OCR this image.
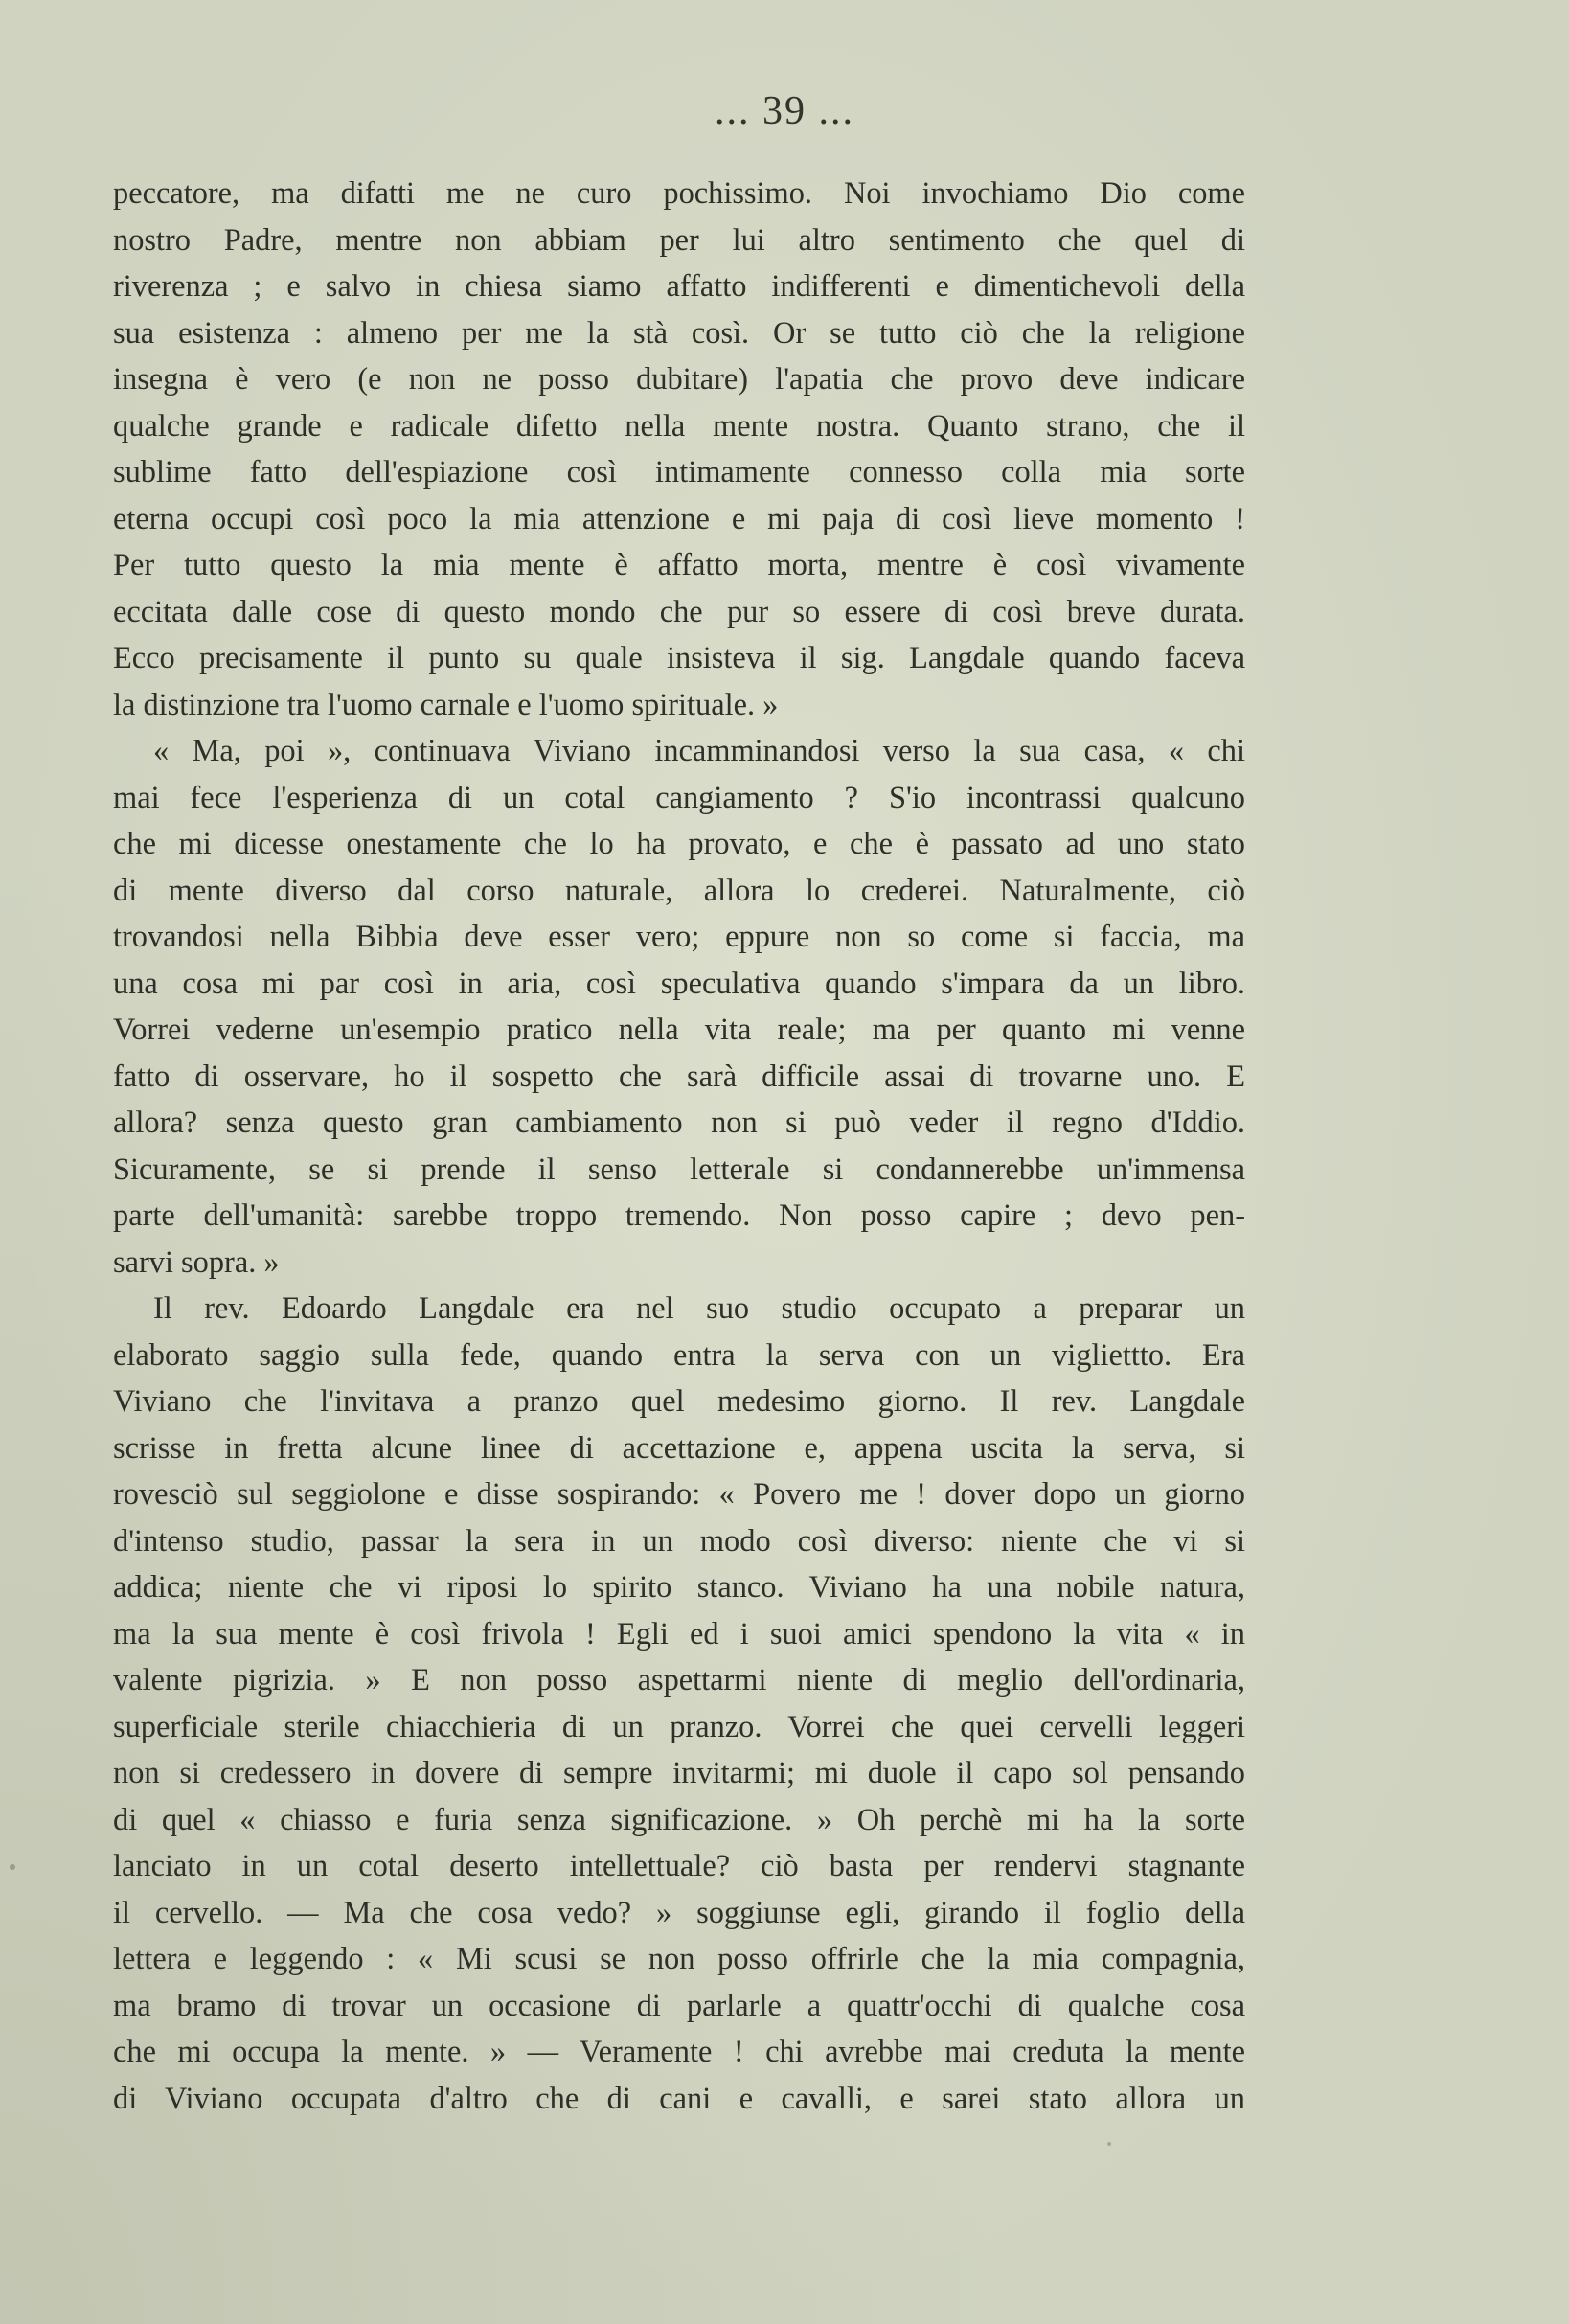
... 39 ...
peccatore, ma difatti me ne curo pochissimo. Noi invochiamo Dio come
nostro Padre, mentre non abbiam per lui altro sentimento che quel di
riverenza ; e salvo in chiesa siamo affatto indifferenti e dimentichevoli della
sua esistenza : almeno per me la stà così. Or se tutto ciò che la religione
insegna è vero (e non ne posso dubitare) l'apatia che provo deve indicare
qualche grande e radicale difetto nella mente nostra. Quanto strano, che il
sublime fatto dell'espiazione così intimamente connesso colla mia sorte
eterna occupi così poco la mia attenzione e mi paja di così lieve momento !
Per tutto questo la mia mente è affatto morta, mentre è così vivamente
eccitata dalle cose di questo mondo che pur so essere di così breve durata.
Ecco precisamente il punto su quale insisteva il sig. Langdale quando faceva
la distinzione tra l'uomo carnale e l'uomo spirituale. »
« Ma, poi », continuava Viviano incamminandosi verso la sua casa, « chi
mai fece l'esperienza di un cotal cangiamento ? S'io incontrassi qualcuno
che mi dicesse onestamente che lo ha provato, e che è passato ad uno stato
di mente diverso dal corso naturale, allora lo crederei. Naturalmente, ciò
trovandosi nella Bibbia deve esser vero; eppure non so come si faccia, ma
una cosa mi par così in aria, così speculativa quando s'impara da un libro.
Vorrei vederne un'esempio pratico nella vita reale; ma per quanto mi venne
fatto di osservare, ho il sospetto che sarà difficile assai di trovarne uno. E
allora? senza questo gran cambiamento non si può veder il regno d'Iddio.
Sicuramente, se si prende il senso letterale si condannerebbe un'immensa
parte dell'umanità: sarebbe troppo tremendo. Non posso capire ; devo pen-
sarvi sopra. »
Il rev. Edoardo Langdale era nel suo studio occupato a preparar un
elaborato saggio sulla fede, quando entra la serva con un vigliettto. Era
Viviano che l'invitava a pranzo quel medesimo giorno. Il rev. Langdale
scrisse in fretta alcune linee di accettazione e, appena uscita la serva, si
rovesciò sul seggiolone e disse sospirando: « Povero me ! dover dopo un giorno
d'intenso studio, passar la sera in un modo così diverso: niente che vi si
addica; niente che vi riposi lo spirito stanco. Viviano ha una nobile natura,
ma la sua mente è così frivola ! Egli ed i suoi amici spendono la vita « in
valente pigrizia. » E non posso aspettarmi niente di meglio dell'ordinaria,
superficiale sterile chiacchieria di un pranzo. Vorrei che quei cervelli leggeri
non si credessero in dovere di sempre invitarmi; mi duole il capo sol pensando
di quel « chiasso e furia senza significazione. » Oh perchè mi ha la sorte
lanciato in un cotal deserto intellettuale? ciò basta per rendervi stagnante
il cervello. — Ma che cosa vedo? » soggiunse egli, girando il foglio della
lettera e leggendo : « Mi scusi se non posso offrirle che la mia compagnia,
ma bramo di trovar un occasione di parlarle a quattr'occhi di qualche cosa
che mi occupa la mente. » — Veramente ! chi avrebbe mai creduta la mente
di Viviano occupata d'altro che di cani e cavalli, e sarei stato allora un
